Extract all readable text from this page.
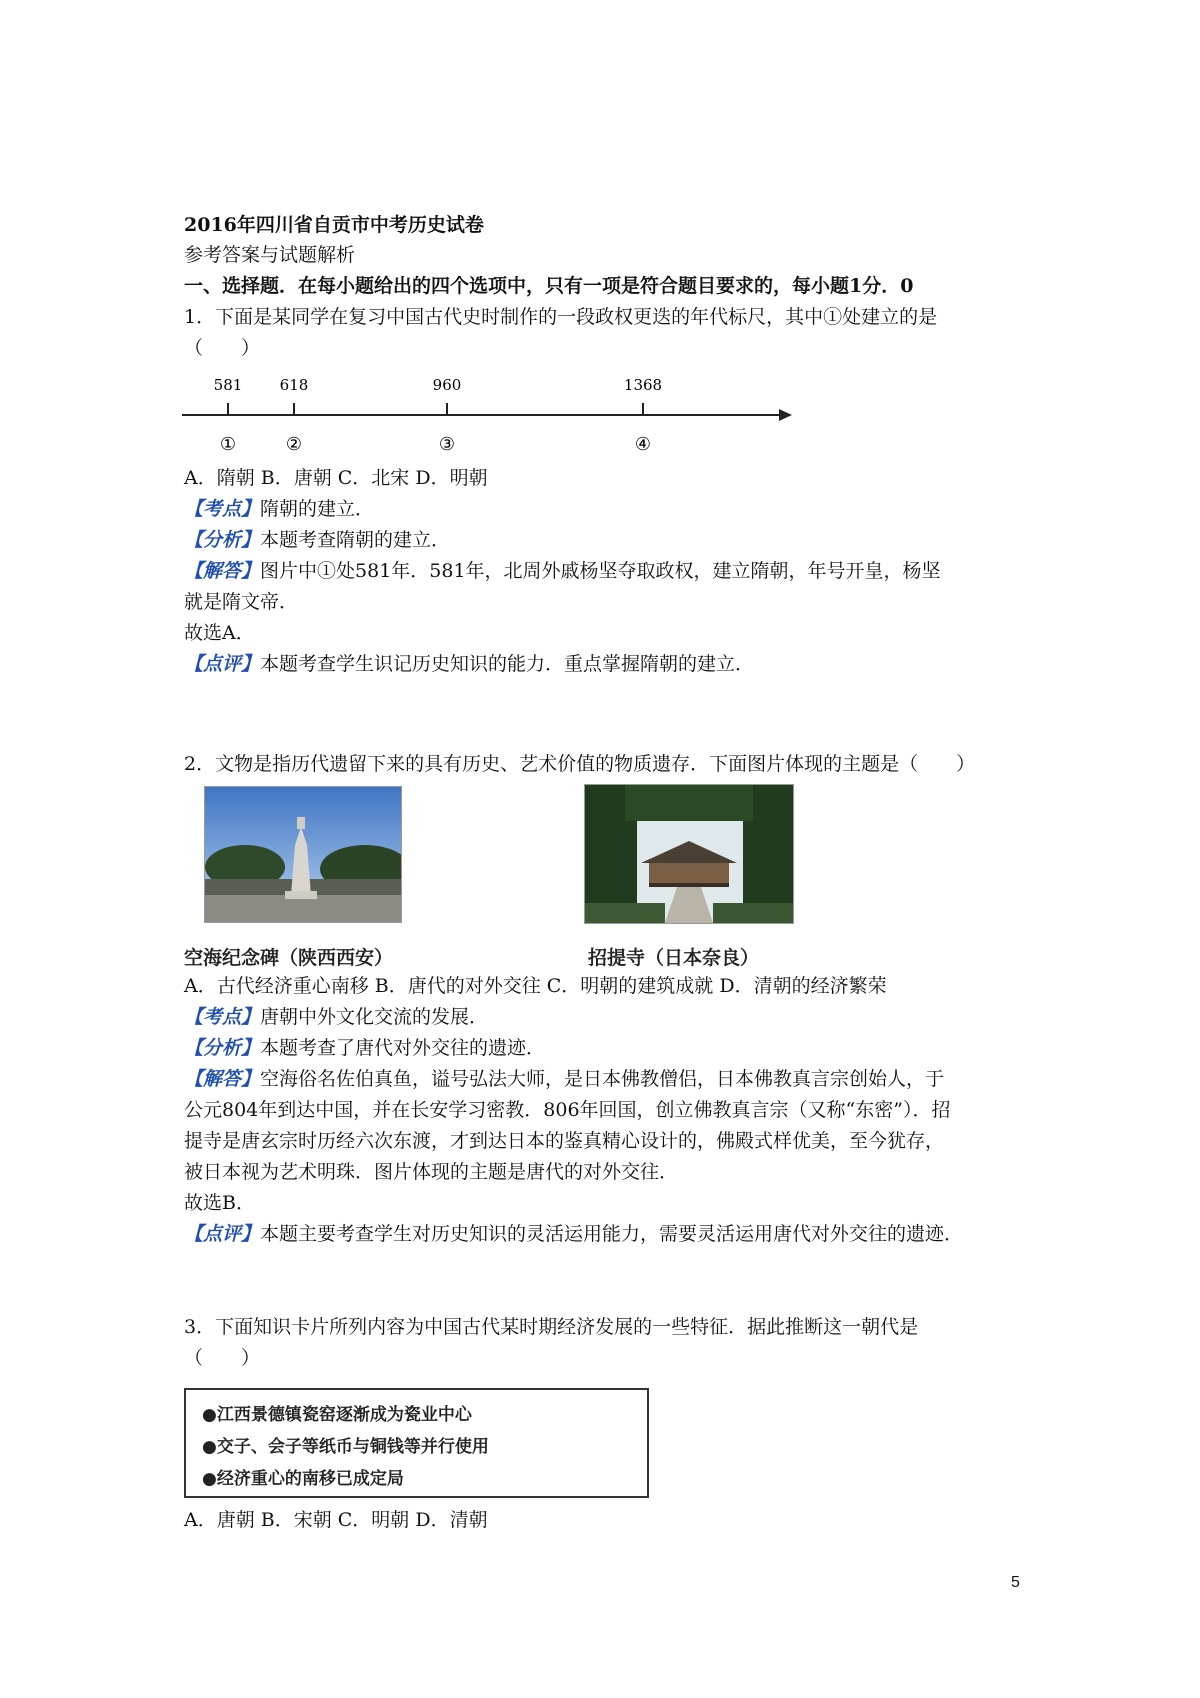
2016年四川省自贡市中考历史试卷
参考答案与试题解析
一、选择题．在每小题给出的四个选项中，只有一项是符合题目要求的，每小题1分．0
1．下面是某同学在复习中国古代史时制作的一段政权更迭的年代标尺，其中①处建立的是
（　　）
581 618	960	1368
①	②	③	④
A．隋朝 B．唐朝 C．北宋 D．明朝
【考点】隋朝的建立．
【分析】本题考查隋朝的建立．
【解答】图片中①处581年．581年，北周外戚杨坚夺取政权，建立隋朝，年号开皇，杨坚
就是隋文帝．
故选A．
【点评】本题考查学生识记历史知识的能力．重点掌握隋朝的建立．
2．文物是指历代遗留下来的具有历史、艺术价值的物质遗存．下面图片体现的主题是（　　）
空海纪念碑（陕西西安）	招提寺（日本奈良）
A．古代经济重心南移 B．唐代的对外交往 C．明朝的建筑成就 D．清朝的经济繁荣
【考点】唐朝中外文化交流的发展．
【分析】本题考查了唐代对外交往的遗迹．
【解答】空海俗名佐伯真鱼，谥号弘法大师，是日本佛教僧侣，日本佛教真言宗创始人，于
公元804年到达中国，并在长安学习密教．806年回国，创立佛教真言宗（又称“东密”）．招
提寺是唐玄宗时历经六次东渡，才到达日本的鉴真精心设计的，佛殿式样优美，至今犹存，
被日本视为艺术明珠．图片体现的主题是唐代的对外交往．
故选B．
【点评】本题主要考查学生对历史知识的灵活运用能力，需要灵活运用唐代对外交往的遗迹．
3．下面知识卡片所列内容为中国古代某时期经济发展的一些特征．据此推断这一朝代是
（　　）
●江西景德镇瓷窑逐渐成为瓷业中心
●交子、会子等纸币与铜钱等并行使用
●经济重心的南移已成定局
A．唐朝 B．宋朝 C．明朝 D．清朝
5
